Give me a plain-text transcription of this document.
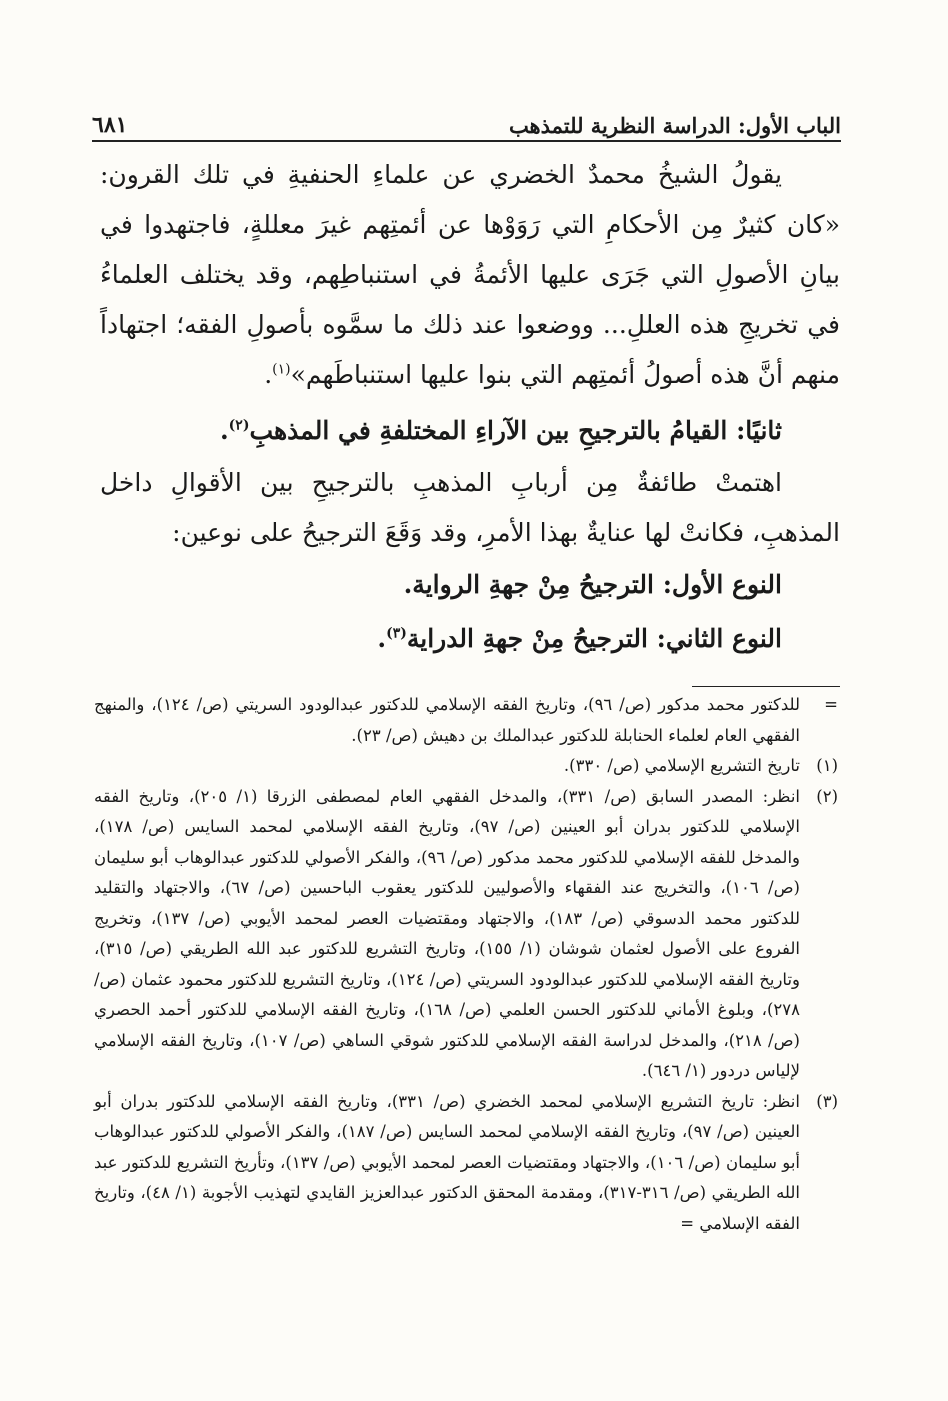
الباب الأول: الدراسة النظرية للتمذهب
٦٨١

يقولُ الشيخُ محمدٌ الخضري عن علماءِ الحنفيةِ في تلك القرون: «كان كثيرٌ مِن الأحكامِ التي رَوَوْها عن أئمتِهم غيرَ معللةٍ، فاجتهدوا في بيانِ الأصولِ التي جَرَى عليها الأئمةُ في استنباطِهم، وقد يختلف العلماءُ في تخريجِ هذه العللِ... ووضعوا عند ذلك ما سمَّوه بأصولِ الفقه؛ اجتهاداً منهم أنَّ هذه أصولُ أئمتِهم التي بنوا عليها استنباطَهم»$^{(١)}$.

ثانيًا: القيامُ بالترجيحِ بين الآراءِ المختلفةِ في المذهبِ$^{(٢)}$.

اهتمتْ طائفةٌ مِن أربابِ المذهبِ بالترجيحِ بين الأقوالِ داخل المذهبِ، فكانتْ لها عنايةٌ بهذا الأمرِ، وقد وَقَعَ الترجيحُ على نوعين:

النوع الأول: الترجيحُ مِنْ جهةِ الرواية.

النوع الثاني: الترجيحُ مِنْ جهةِ الدراية$^{(٣)}$.

=
للدكتور محمد مدكور (ص/ ٩٦)، وتاريخ الفقه الإسلامي للدكتور عبدالودود السريتي (ص/ ١٢٤)، والمنهج الفقهي العام لعلماء الحنابلة للدكتور عبدالملك بن دهيش (ص/ ٢٣).
(١)
تاريخ التشريع الإسلامي (ص/ ٣٣٠).
(٢)
انظر: المصدر السابق (ص/ ٣٣١)، والمدخل الفقهي العام لمصطفى الزرقا (١/ ٢٠٥)، وتاريخ الفقه الإسلامي للدكتور بدران أبو العينين (ص/ ٩٧)، وتاريخ الفقه الإسلامي لمحمد السايس (ص/ ١٧٨)، والمدخل للفقه الإسلامي للدكتور محمد مدكور (ص/ ٩٦)، والفكر الأصولي للدكتور عبدالوهاب أبو سليمان (ص/ ١٠٦)، والتخريج عند الفقهاء والأصوليين للدكتور يعقوب الباحسين (ص/ ٦٧)، والاجتهاد والتقليد للدكتور محمد الدسوقي (ص/ ١٨٣)، والاجتهاد ومقتضيات العصر لمحمد الأيوبي (ص/ ١٣٧)، وتخريج الفروع على الأصول لعثمان شوشان (١/ ١٥٥)، وتاريخ التشريع للدكتور عبد الله الطريقي (ص/ ٣١٥)، وتاريخ الفقه الإسلامي للدكتور عبدالودود السريتي (ص/ ١٢٤)، وتاريخ التشريع للدكتور محمود عثمان (ص/ ٢٧٨)، وبلوغ الأماني للدكتور الحسن العلمي (ص/ ١٦٨)، وتاريخ الفقه الإسلامي للدكتور أحمد الحصري (ص/ ٢١٨)، والمدخل لدراسة الفقه الإسلامي للدكتور شوقي الساهي (ص/ ١٠٧)، وتاريخ الفقه الإسلامي لإلياس دردور (١/ ٦٤٦).
(٣)
انظر: تاريخ التشريع الإسلامي لمحمد الخضري (ص/ ٣٣١)، وتاريخ الفقه الإسلامي للدكتور بدران أبو العينين (ص/ ٩٧)، وتاريخ الفقه الإسلامي لمحمد السايس (ص/ ١٨٧)، والفكر الأصولي للدكتور عبدالوهاب أبو سليمان (ص/ ١٠٦)، والاجتهاد ومقتضيات العصر لمحمد الأيوبي (ص/ ١٣٧)، وتأريخ التشريع للدكتور عبد الله الطريقي (ص/ ٣١٦-٣١٧)، ومقدمة المحقق الدكتور عبدالعزيز القايدي لتهذيب الأجوبة (١/ ٤٨)، وتاريخ الفقه الإسلامي =
